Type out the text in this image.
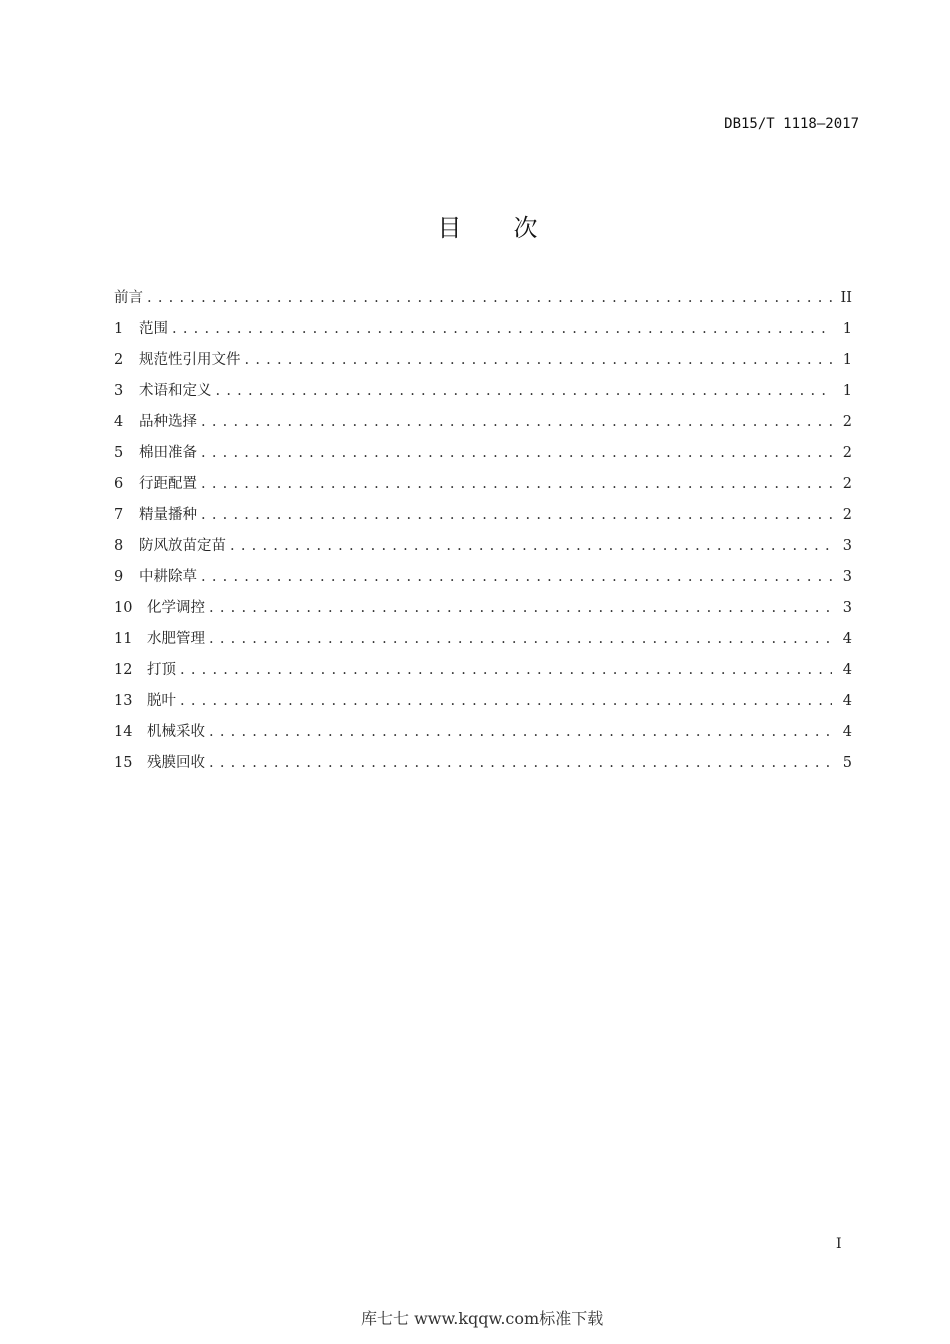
DB15/T 1118—2017
目 次
前言 . . .	II
1	范围 . . .	1
2	规范性引用文件 . . .	1
3	术语和定义 . . .	1
4	品种选择 . . .	2
5	棉田准备 . . .	2
6	行距配置 . . .	2
7	精量播种 . . .	2
8	防风放苗定苗 . . .	3
9	中耕除草 . . .	3
10	化学调控 . . .	3
11	水肥管理 . . .	4
12	打顶 . . .	4
13	脱叶 . . .	4
14	机械采收 . . .	4
15	残膜回收 . . .	5
I
库七七 www.kqqw.com标准下载
